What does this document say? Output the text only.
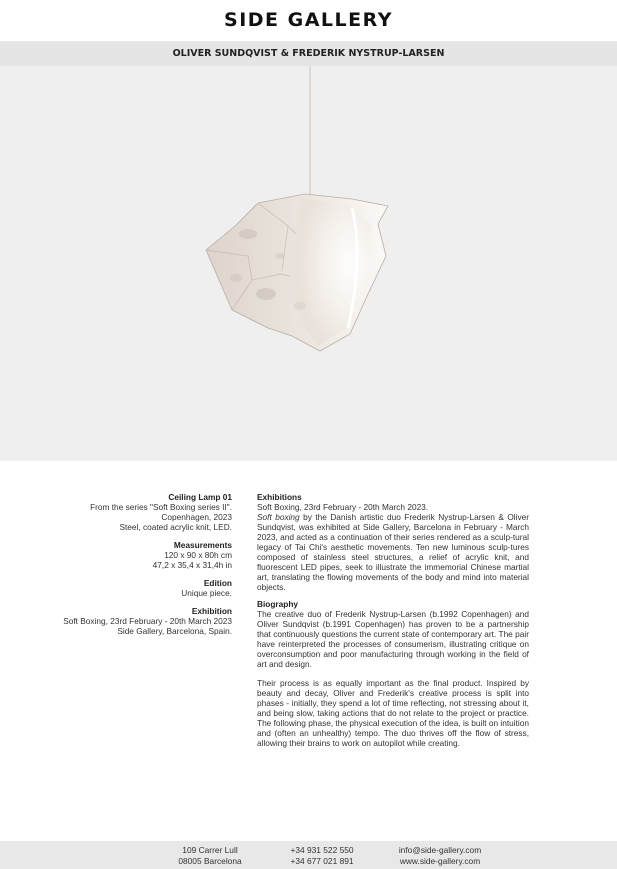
SIDE GALLERY
OLIVER SUNDQVIST & FREDERIK NYSTRUP-LARSEN
Ceiling Lamp 01
From the series "Soft Boxing series II".
Copenhagen, 2023
Steel, coated acrylic knit, LED.
Measurements
120 x 90 x 80h cm
47,2 x 35,4 x 31,4h in
Edition
Unique piece.
Exhibition
Soft Boxing, 23rd February - 20th March 2023
Side Gallery, Barcelona, Spain.
Exhibitions
Soft Boxing, 23rd February - 20th March 2023.
Soft boxing by the Danish artistic duo Frederik Nystrup-Larsen & Oliver Sundqvist, was exhibited at Side Gallery, Barcelona in February - March 2023, and acted as a continuation of their series rendered as a sculp-tural legacy of Tai Chi's aesthetic movements. Ten new luminous sculp-tures composed of stainless steel structures, a relief of acrylic knit, and fluorescent LED pipes, seek to illustrate the immemorial Chinese martial art, translating the flowing movements of the body and mind into material objects.
Biography
The creative duo of Frederik Nystrup-Larsen (b.1992 Copenhagen) and Oliver Sundqvist (b.1991 Copenhagen) has proven to be a partnership that continuously questions the current state of contemporary art. The pair have reinterpreted the processes of consumerism, illustrating critique on overconsumption and poor manufacturing through working in the field of art and design.
Their process is as equally important as the final product. Inspired by beauty and decay, Oliver and Frederik's creative process is split into phases - initially, they spend a lot of time reflecting, not stressing about it, and being slow, taking actions that do not relate to the project or practice. The following phase, the physical execution of the idea, is built on intuition and (often an unhealthy) tempo. The duo thrives off the flow of stress, allowing their brains to work on autopilot while creating.
109 Carrer Lull
08005 Barcelona
+34 931 522 550
+34 677 021 891
info@side-gallery.com
www.side-gallery.com
